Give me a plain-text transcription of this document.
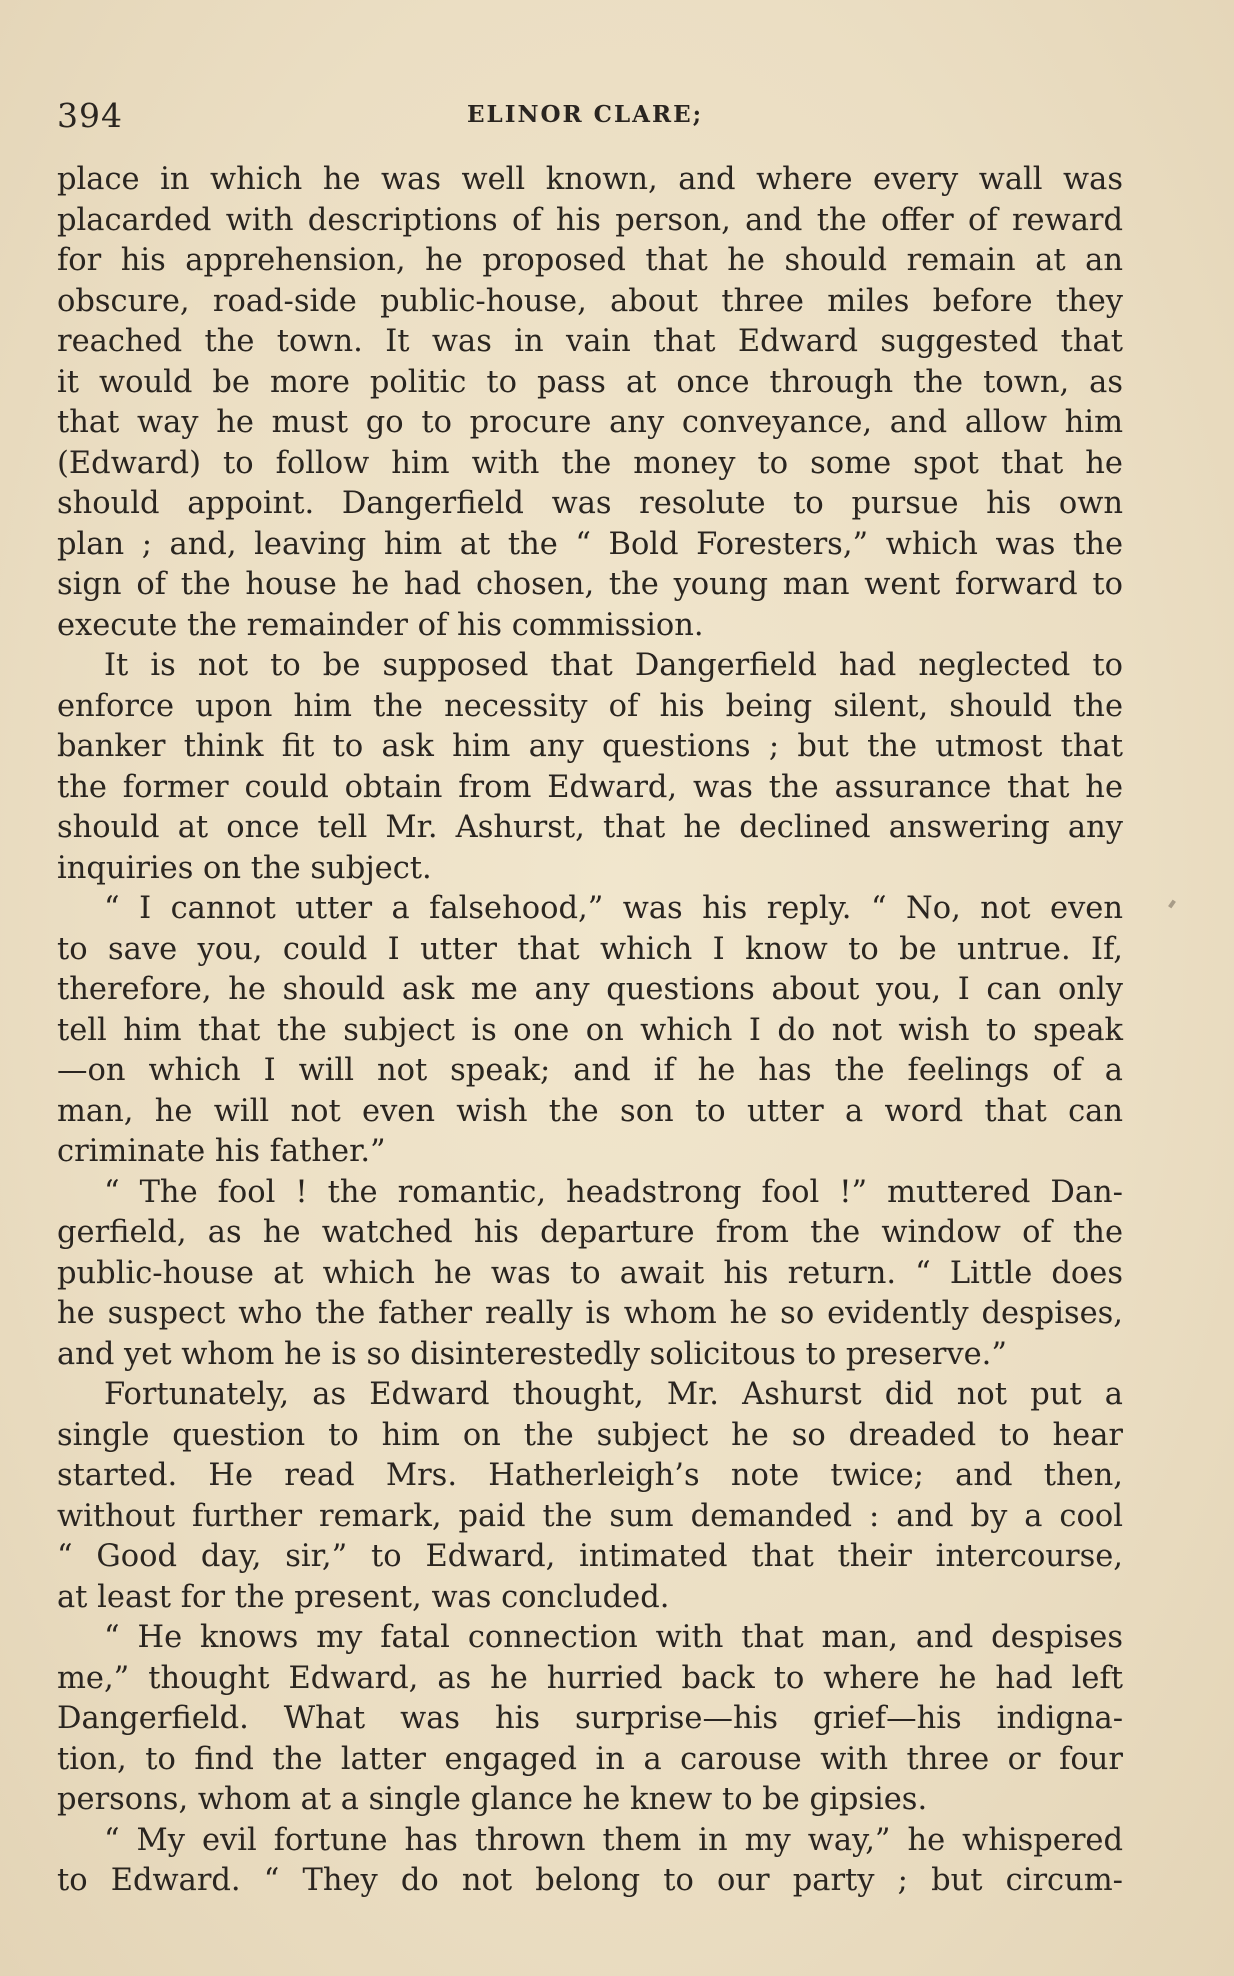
394	ELINOR CLARE;
place in which he was well known, and where every wall was
placarded with descriptions of his person, and the offer of reward
for his apprehension, he proposed that he should remain at an
obscure, road-side public-house, about three miles before they
reached the town. It was in vain that Edward suggested that
it would be more politic to pass at once through the town, as
that way he must go to procure any conveyance, and allow him
(Edward) to follow him with the money to some spot that he
should appoint. Dangerfield was resolute to pursue his own
plan ; and, leaving him at the “ Bold Foresters,” which was the
sign of the house he had chosen, the young man went forward to
execute the remainder of his commission.
It is not to be supposed that Dangerfield had neglected to
enforce upon him the necessity of his being silent, should the
banker think fit to ask him any questions ; but the utmost that
the former could obtain from Edward, was the assurance that he
should at once tell Mr. Ashurst, that he declined answering any
inquiries on the subject.
“ I cannot utter a falsehood,” was his reply. “ No, not even
to save you, could I utter that which I know to be untrue. If,
therefore, he should ask me any questions about you, I can only
tell him that the subject is one on which I do not wish to speak
—on which I will not speak; and if he has the feelings of a
man, he will not even wish the son to utter a word that can
criminate his father.”
“ The fool ! the romantic, headstrong fool !” muttered Dan-
gerfield, as he watched his departure from the window of the
public-house at which he was to await his return. “ Little does
he suspect who the father really is whom he so evidently despises,
and yet whom he is so disinterestedly solicitous to preserve.”
Fortunately, as Edward thought, Mr. Ashurst did not put a
single question to him on the subject he so dreaded to hear
started. He read Mrs. Hatherleigh’s note twice; and then,
without further remark, paid the sum demanded : and by a cool
“ Good day, sir,” to Edward, intimated that their intercourse,
at least for the present, was concluded.
“ He knows my fatal connection with that man, and despises
me,” thought Edward, as he hurried back to where he had left
Dangerfield. What was his surprise—his grief—his indigna-
tion, to find the latter engaged in a carouse with three or four
persons, whom at a single glance he knew to be gipsies.
“ My evil fortune has thrown them in my way,” he whispered
to Edward. “ They do not belong to our party ; but circum-
